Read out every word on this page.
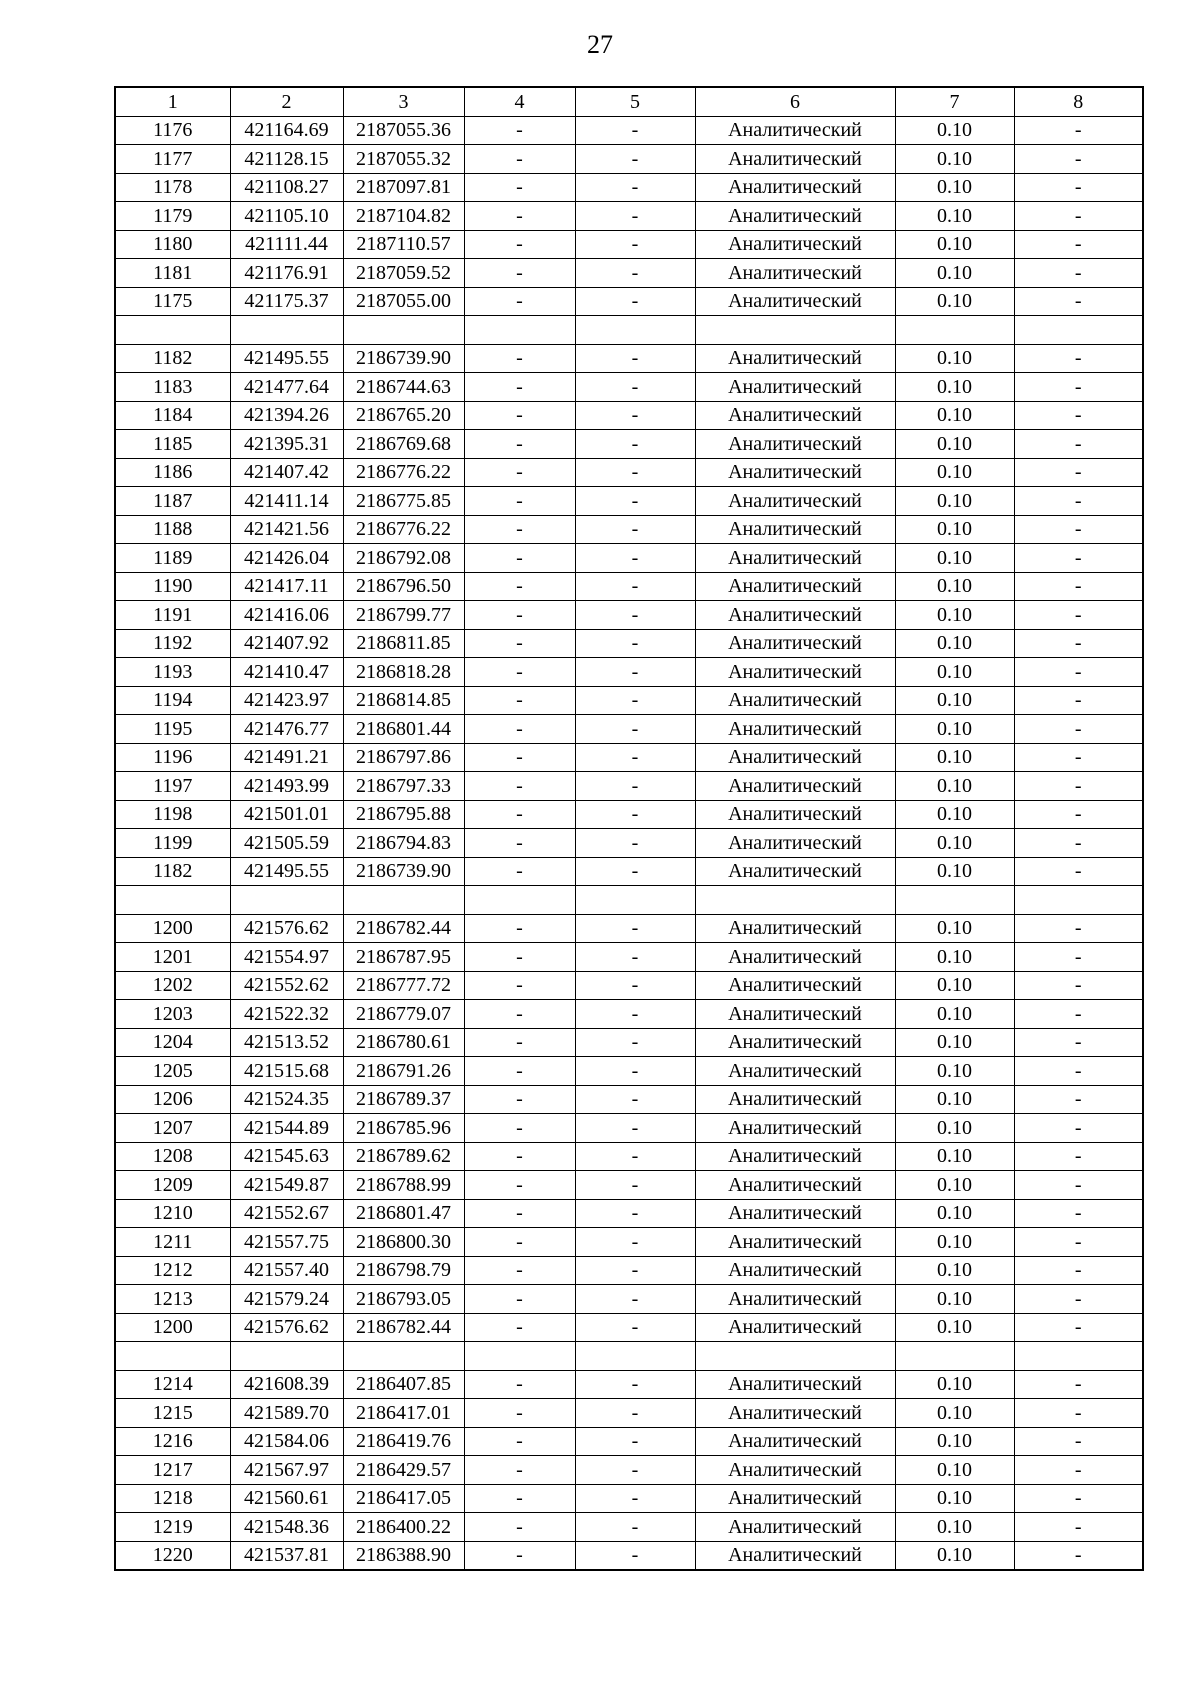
27
1	2	3	4	5	6	7	8
1176	421164.69	2187055.36	-	-	Аналитический	0.10	-
1177	421128.15	2187055.32	-	-	Аналитический	0.10	-
1178	421108.27	2187097.81	-	-	Аналитический	0.10	-
1179	421105.10	2187104.82	-	-	Аналитический	0.10	-
1180	421111.44	2187110.57	-	-	Аналитический	0.10	-
1181	421176.91	2187059.52	-	-	Аналитический	0.10	-
1175	421175.37	2187055.00	-	-	Аналитический	0.10	-

1182	421495.55	2186739.90	-	-	Аналитический	0.10	-
1183	421477.64	2186744.63	-	-	Аналитический	0.10	-
1184	421394.26	2186765.20	-	-	Аналитический	0.10	-
1185	421395.31	2186769.68	-	-	Аналитический	0.10	-
1186	421407.42	2186776.22	-	-	Аналитический	0.10	-
1187	421411.14	2186775.85	-	-	Аналитический	0.10	-
1188	421421.56	2186776.22	-	-	Аналитический	0.10	-
1189	421426.04	2186792.08	-	-	Аналитический	0.10	-
1190	421417.11	2186796.50	-	-	Аналитический	0.10	-
1191	421416.06	2186799.77	-	-	Аналитический	0.10	-
1192	421407.92	2186811.85	-	-	Аналитический	0.10	-
1193	421410.47	2186818.28	-	-	Аналитический	0.10	-
1194	421423.97	2186814.85	-	-	Аналитический	0.10	-
1195	421476.77	2186801.44	-	-	Аналитический	0.10	-
1196	421491.21	2186797.86	-	-	Аналитический	0.10	-
1197	421493.99	2186797.33	-	-	Аналитический	0.10	-
1198	421501.01	2186795.88	-	-	Аналитический	0.10	-
1199	421505.59	2186794.83	-	-	Аналитический	0.10	-
1182	421495.55	2186739.90	-	-	Аналитический	0.10	-

1200	421576.62	2186782.44	-	-	Аналитический	0.10	-
1201	421554.97	2186787.95	-	-	Аналитический	0.10	-
1202	421552.62	2186777.72	-	-	Аналитический	0.10	-
1203	421522.32	2186779.07	-	-	Аналитический	0.10	-
1204	421513.52	2186780.61	-	-	Аналитический	0.10	-
1205	421515.68	2186791.26	-	-	Аналитический	0.10	-
1206	421524.35	2186789.37	-	-	Аналитический	0.10	-
1207	421544.89	2186785.96	-	-	Аналитический	0.10	-
1208	421545.63	2186789.62	-	-	Аналитический	0.10	-
1209	421549.87	2186788.99	-	-	Аналитический	0.10	-
1210	421552.67	2186801.47	-	-	Аналитический	0.10	-
1211	421557.75	2186800.30	-	-	Аналитический	0.10	-
1212	421557.40	2186798.79	-	-	Аналитический	0.10	-
1213	421579.24	2186793.05	-	-	Аналитический	0.10	-
1200	421576.62	2186782.44	-	-	Аналитический	0.10	-

1214	421608.39	2186407.85	-	-	Аналитический	0.10	-
1215	421589.70	2186417.01	-	-	Аналитический	0.10	-
1216	421584.06	2186419.76	-	-	Аналитический	0.10	-
1217	421567.97	2186429.57	-	-	Аналитический	0.10	-
1218	421560.61	2186417.05	-	-	Аналитический	0.10	-
1219	421548.36	2186400.22	-	-	Аналитический	0.10	-
1220	421537.81	2186388.90	-	-	Аналитический	0.10	-
